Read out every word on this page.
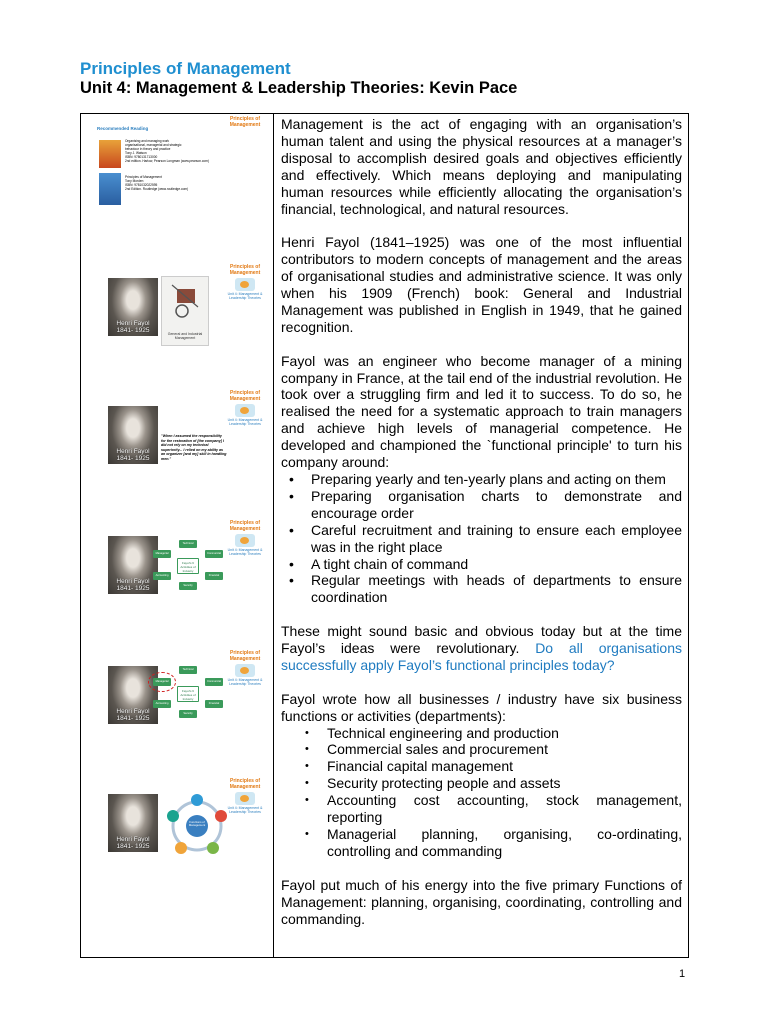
Principles of Management
Unit 4: Management & Leadership Theories: Kevin Pace
Principles of
Management
Recommended Reading
Organising and managing work
organisational, managerial and strategic
behaviour in theory and practice
Tony J. Watson
ISBN: 9780131713000
2nd edition. Harlow, Pearson Longman (www.pearson.com)
Principles of Management
Tony Morden
ISBN: 9781032022595
2nd Edition. Routledge (www.routledge.com)
Principles of
Management
Unit 4: Management & Leadership Theories
Henri Fayol
1841- 1925	General and Industrial Management
Principles of
Management
Unit 4: Management & Leadership Theories
Henri Fayol
1841- 1925
"When I assumed the responsibility for the restoration of [the company] I did not rely on my technical superiority... I relied on my ability as an organizer [and my] skill in handling men."
Principles of
Management
Unit 4: Management & Leadership Theories
Henri Fayol
1841- 1925
Technical
Commercial
Financial
Security
Accounting
Managerial
Fayol's 6 Activities of Industry
Principles of
Management
Unit 4: Management & Leadership Theories
Henri Fayol
1841- 1925
Technical
Commercial
Financial
Security
Accounting
Managerial
Fayol's 6 Activities of Industry
Principles of
Management
Unit 4: Management & Leadership Theories
Henri Fayol
1841- 1925
Functions of Management

Management is the act of engaging with an organisation’s human talent and using the physical resources at a manager’s disposal to accomplish desired goals and objectives efficiently and effectively. Which means deploying and manipulating human resources while efficiently allocating the organisation’s financial, technological, and natural resources.

Henri Fayol (1841–1925) was one of the most influential contributors to modern concepts of management and the areas of organisational studies and administrative science. It was only when his 1909 (French) book: General and Industrial Management was published in English in 1949, that he gained recognition.

Fayol was an engineer who become manager of a mining company in France, at the tail end of the industrial revolution. He took over a struggling firm and led it to success. To do so, he realised the need for a systematic approach to train managers and achieve high levels of managerial competence. He developed and championed the `functional principle' to turn his company around:

• Preparing yearly and ten-yearly plans and acting on them
• Preparing organisation charts to demonstrate and encourage order
• Careful recruitment and training to ensure each employee was in the right place
• A tight chain of command
• Regular meetings with heads of departments to ensure coordination

These might sound basic and obvious today but at the time Fayol’s ideas were revolutionary. Do all organisations successfully apply Fayol’s functional principles today?

Fayol wrote how all businesses / industry have six business functions or activities (departments):

• Technical engineering and production
• Commercial sales and procurement
• Financial capital management
• Security protecting people and assets
• Accounting cost accounting, stock management, reporting
• Managerial planning, organising, co-ordinating, controlling and commanding

Fayol put much of his energy into the five primary Functions of Management: planning, organising, coordinating, controlling and commanding.

1
